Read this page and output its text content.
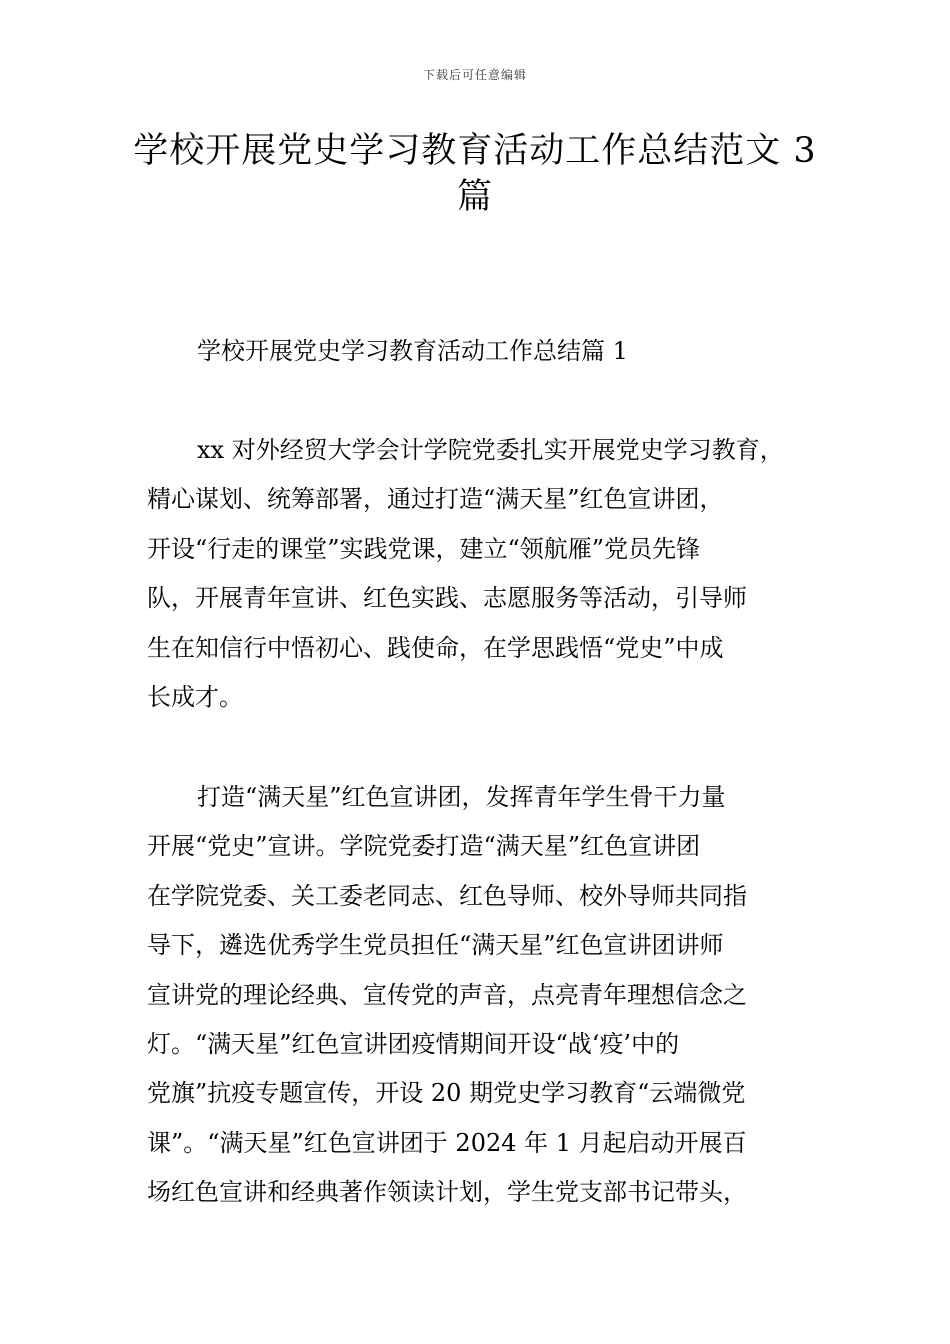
下载后可任意编辑
学校开展党史学习教育活动工作总结范文 3
篇
学校开展党史学习教育活动工作总结篇 1

xx 对外经贸大学会计学院党委扎实开展党史学习教育，
精心谋划、统筹部署，通过打造“满天星”红色宣讲团，
开设“行走的课堂”实践党课，建立“领航雁”党员先锋
队，开展青年宣讲、红色实践、志愿服务等活动，引导师
生在知信行中悟初心、践使命，在学思践悟“党史”中成
长成才。

打造“满天星”红色宣讲团，发挥青年学生骨干力量
开展“党史”宣讲。学院党委打造“满天星”红色宣讲团
在学院党委、关工委老同志、红色导师、校外导师共同指
导下，遴选优秀学生党员担任“满天星”红色宣讲团讲师
宣讲党的理论经典、宣传党的声音，点亮青年理想信念之
灯。“满天星”红色宣讲团疫情期间开设“战‘疫’中的
党旗”抗疫专题宣传，开设 20 期党史学习教育“云端微党
课”。“满天星”红色宣讲团于 2024 年 1 月起启动开展百
场红色宣讲和经典著作领读计划，学生党支部书记带头，
